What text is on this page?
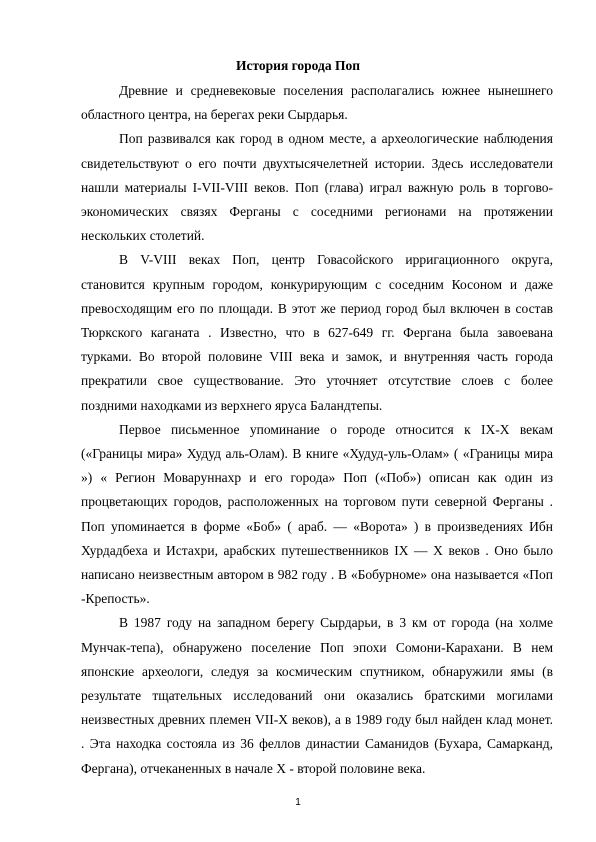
История города Поп

Древние и средневековые поселения располагались южнее нынешнего областного центра, на берегах реки Сырдарья.

Поп развивался как город в одном месте, а археологические наблюдения свидетельствуют о его почти двухтысячелетней истории. Здесь исследователи нашли материалы I-VII-VIII веков. Поп (глава) играл важную роль в торгово-экономических связях Ферганы с соседними регионами на протяжении нескольких столетий.

В V-VIII веках Поп, центр Говасойского ирригационного округа, становится крупным городом, конкурирующим с соседним Косоном и даже превосходящим его по площади. В этот же период город был включен в состав Тюркского каганата . Известно, что в 627-649 гг. Фергана была завоевана турками. Во второй половине VIII века и замок, и внутренняя часть города прекратили свое существование. Это уточняет отсутствие слоев с более поздними находками из верхнего яруса Баландтепы.

Первое письменное упоминание о городе относится к IX-X векам («Границы мира» Худуд аль-Олам). В книге «Худуд-уль-Олам» ( «Границы мира ») « Регион Моваруннахр и его города» Поп («Поб») описан как один из процветающих городов, расположенных на торговом пути северной Ферганы . Поп упоминается в форме «Боб» ( араб. — «Ворота» ) в произведениях Ибн Хурдадбеха и Истахри, арабских путешественников IX — X веков . Оно было написано неизвестным автором в 982 году . В «Бобурноме» она называется «Поп -Крепость».

В 1987 году на западном берегу Сырдарьи, в 3 км от города (на холме Мунчак-тепа), обнаружено поселение Поп эпохи Сомони-Карахани. В нем японские археологи, следуя за космическим спутником, обнаружили ямы (в результате тщательных исследований они оказались братскими могилами неизвестных древних племен VII-X веков), а в 1989 году был найден клад монет. . Эта находка состояла из 36 феллов династии Саманидов (Бухара, Самарканд, Фергана), отчеканенных в начале X - второй половине века.

1
